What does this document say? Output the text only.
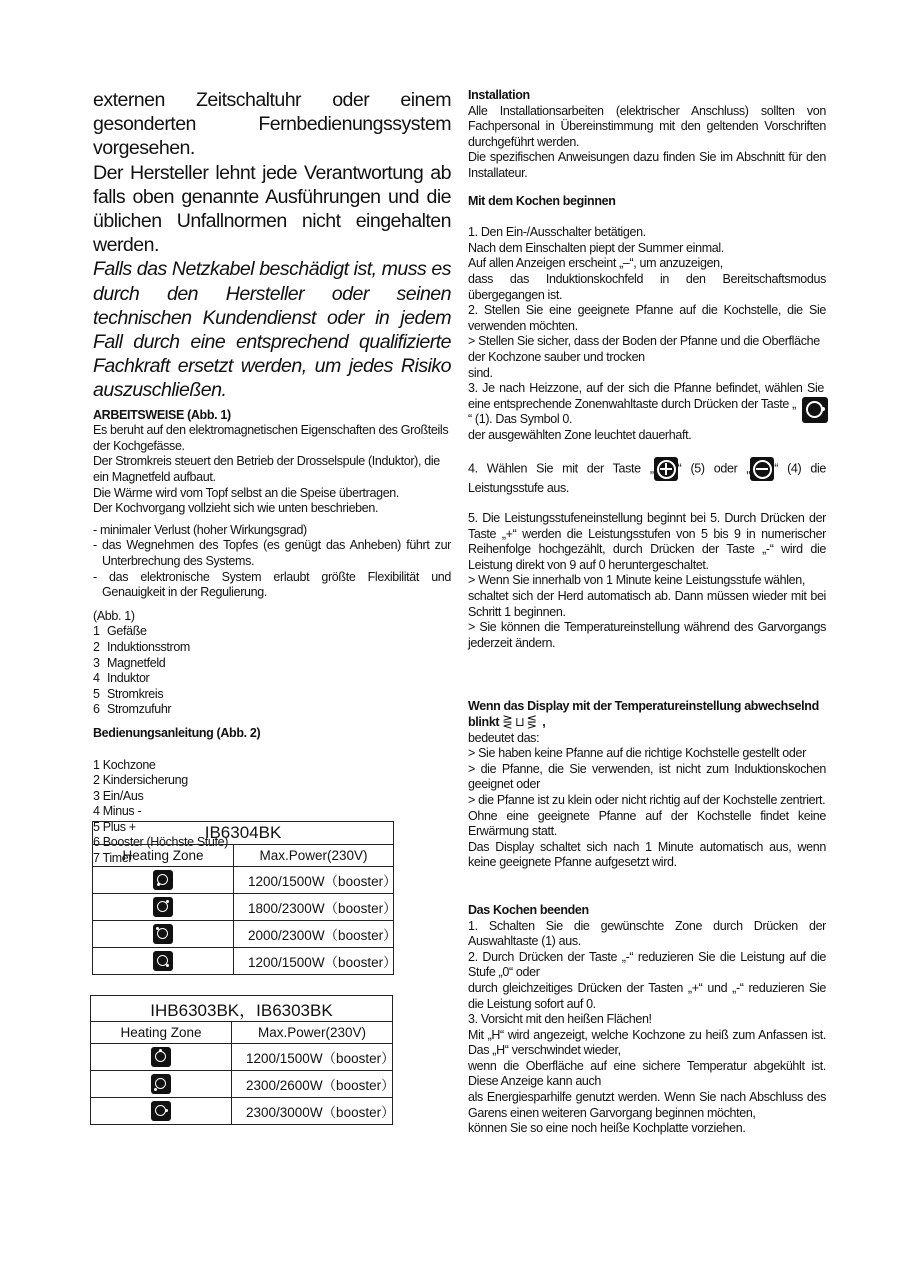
externen Zeitschaltuhr oder einem gesonderten Fernbedienungssystem vorgesehen.

Der Hersteller lehnt jede Verantwortung ab falls oben genannte Ausführungen und die üblichen Unfallnormen nicht eingehalten werden.

Falls das Netzkabel beschädigt ist, muss es durch den Hersteller oder seinen technischen Kundendienst oder in jedem Fall durch eine entsprechend qualifizierte Fachkraft ersetzt werden, um jedes Risiko auszuschließen.

ARBEITSWEISE (Abb. 1)

Es beruht auf den elektromagnetischen Eigenschaften des Großteils der Kochgefässe.

Der Stromkreis steuert den Betrieb der Drosselspule (Induktor), die ein Magnetfeld aufbaut.

Die Wärme wird vom Topf selbst an die Speise übertragen.

Der Kochvorgang vollzieht sich wie unten beschrieben.

- minimaler Verlust (hoher Wirkungsgrad)
- das Wegnehmen des Topfes (es genügt das Anheben) führt zur Unterbrechung des Systems.
- das elektronische System erlaubt größte Flexibilität und Genauigkeit in der Regulierung.

(Abb. 1)

1 Gefäße

2 Induktionsstrom

3 Magnetfeld

4 Induktor

5 Stromkreis

6 Stromzufuhr

Bedienungsanleitung (Abb. 2)

1 Kochzone

2 Kindersicherung

3 Ein/Aus

4 Minus -

5 Plus +

6 Booster (Höchste Stufe)

7 Timer

IB6304BK	
Heating Zone	Max.Power(230V)

	1200/1500W（booster）

	1800/2300W（booster）

	2000/2300W（booster）

	1200/1500W（booster）
IHB6303BK，IB6303BK	
Heating Zone	Max.Power(230V)

	1200/1500W（booster）

	2300/2600W（booster）

	2300/3000W（booster）

Installation

Alle Installationsarbeiten (elektrischer Anschluss) sollten von Fachpersonal in Übereinstimmung mit den geltenden Vorschriften durchgeführt werden.

Die spezifischen Anweisungen dazu finden Sie im Abschnitt für den Installateur.

Mit dem Kochen beginnen

1. Den Ein-/Ausschalter betätigen.

Nach dem Einschalten piept der Summer einmal.

Auf allen Anzeigen erscheint „–“, um anzuzeigen,

dass das Induktionskochfeld in den Bereitschaftsmodus übergegangen ist.

2. Stellen Sie eine geeignete Pfanne auf die Kochstelle, die Sie verwenden möchten.

> Stellen Sie sicher, dass der Boden der Pfanne und die Oberfläche der Kochzone sauber und trocken

sind.

3. Je nach Heizzone, auf der sich die Pfanne befindet, wählen Sie eine entsprechende Zonenwahltaste durch Drücken der Taste „

“ (1). Das Symbol 0.

der ausgewählten Zone leuchtet dauerhaft.

4. Wählen Sie mit der Taste „ “ (5) oder „ “ (4) die Leistungsstufe aus.

5. Die Leistungsstufeneinstellung beginnt bei 5. Durch Drücken der Taste „+“ werden die Leistungsstufen von 5 bis 9 in numerischer Reihenfolge hochgezählt, durch Drücken der Taste „-“ wird die Leistung direkt von 9 auf 0 heruntergeschaltet.

> Wenn Sie innerhalb von 1 Minute keine Leistungsstufe wählen,

schaltet sich der Herd automatisch ab. Dann müssen wieder mit bei Schritt 1 beginnen.

> Sie können die Temperatureinstellung während des Garvorgangs jederzeit ändern.

Wenn das Display mit der Temperatureinstellung abwechselnd blinkt ⋛⊔⋚ ,

bedeutet das:

> Sie haben keine Pfanne auf die richtige Kochstelle gestellt oder

> die Pfanne, die Sie verwenden, ist nicht zum Induktionskochen geeignet oder

> die Pfanne ist zu klein oder nicht richtig auf der Kochstelle zentriert.

Ohne eine geeignete Pfanne auf der Kochstelle findet keine Erwärmung statt.

Das Display schaltet sich nach 1 Minute automatisch aus, wenn keine geeignete Pfanne aufgesetzt wird.

Das Kochen beenden

1. Schalten Sie die gewünschte Zone durch Drücken der Auswahltaste (1) aus.

2. Durch Drücken der Taste „-“ reduzieren Sie die Leistung auf die Stufe „0“ oder

durch gleichzeitiges Drücken der Tasten „+“ und „-“ reduzieren Sie die Leistung sofort auf 0.

3. Vorsicht mit den heißen Flächen!

Mit „H“ wird angezeigt, welche Kochzone zu heiß zum Anfassen ist. Das „H“ verschwindet wieder,

wenn die Oberfläche auf eine sichere Temperatur abgekühlt ist. Diese Anzeige kann auch

als Energiesparhilfe genutzt werden. Wenn Sie nach Abschluss des Garens einen weiteren Garvorgang beginnen möchten,

können Sie so eine noch heiße Kochplatte vorziehen.
